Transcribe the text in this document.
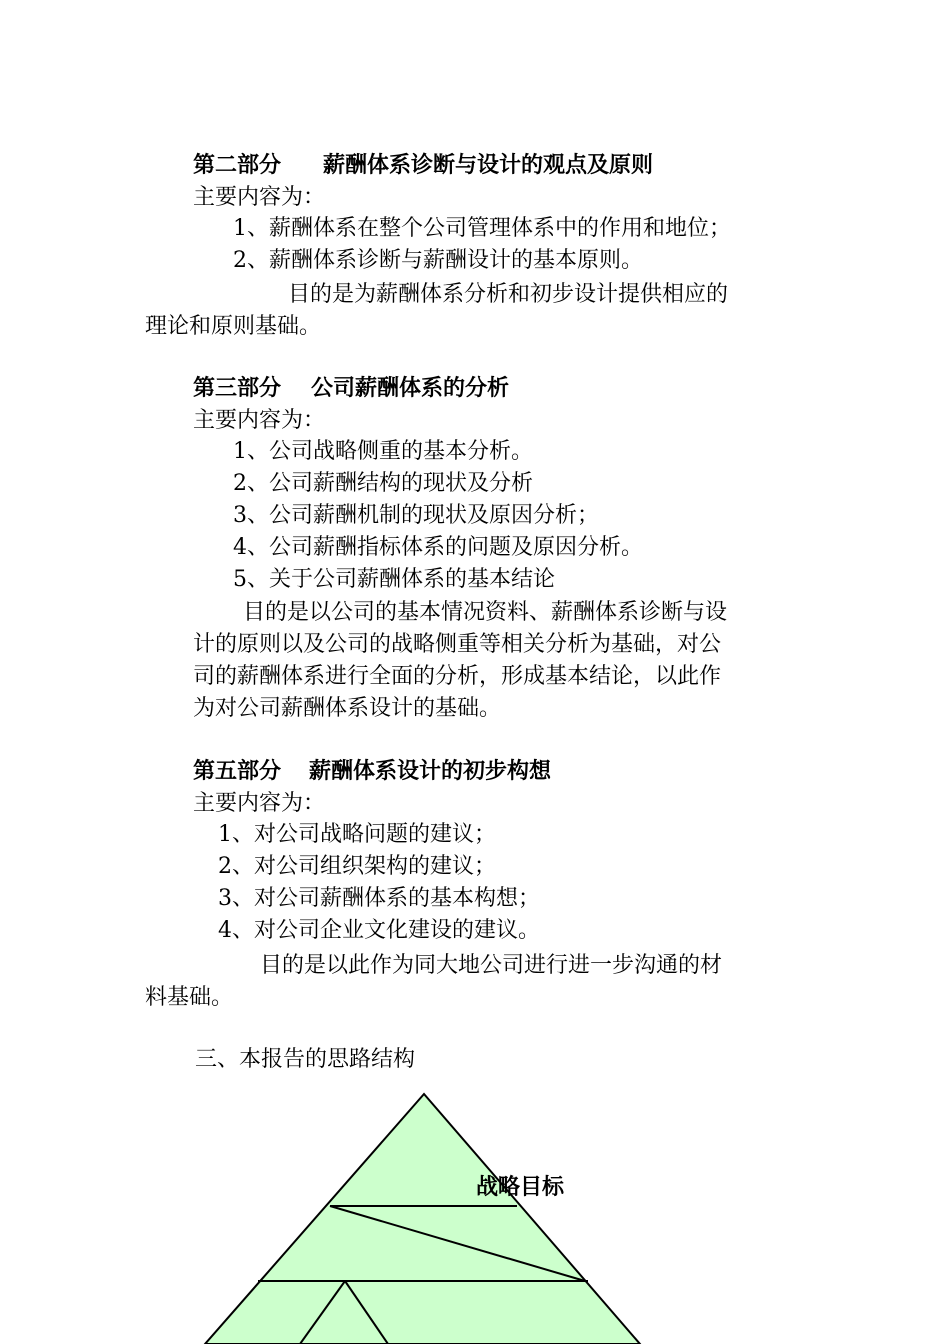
第二部分 薪酬体系诊断与设计的观点及原则
主要内容为：
1、薪酬体系在整个公司管理体系中的作用和地位；
2、薪酬体系诊断与薪酬设计的基本原则。
目的是为薪酬体系分析和初步设计提供相应的
理论和原则基础。
第三部分 公司薪酬体系的分析
主要内容为：
1、公司战略侧重的基本分析。
2、公司薪酬结构的现状及分析
3、公司薪酬机制的现状及原因分析；
4、公司薪酬指标体系的问题及原因分析。
5、关于公司薪酬体系的基本结论
目的是以公司的基本情况资料、薪酬体系诊断与设
计的原则以及公司的战略侧重等相关分析为基础，对公
司的薪酬体系进行全面的分析，形成基本结论，以此作
为对公司薪酬体系设计的基础。
第五部分 薪酬体系设计的初步构想
主要内容为：
1、对公司战略问题的建议；
2、对公司组织架构的建议；
3、对公司薪酬体系的基本构想；
4、对公司企业文化建设的建议。
目的是以此作为同大地公司进行进一步沟通的材
料基础。
三、本报告的思路结构
战略目标
